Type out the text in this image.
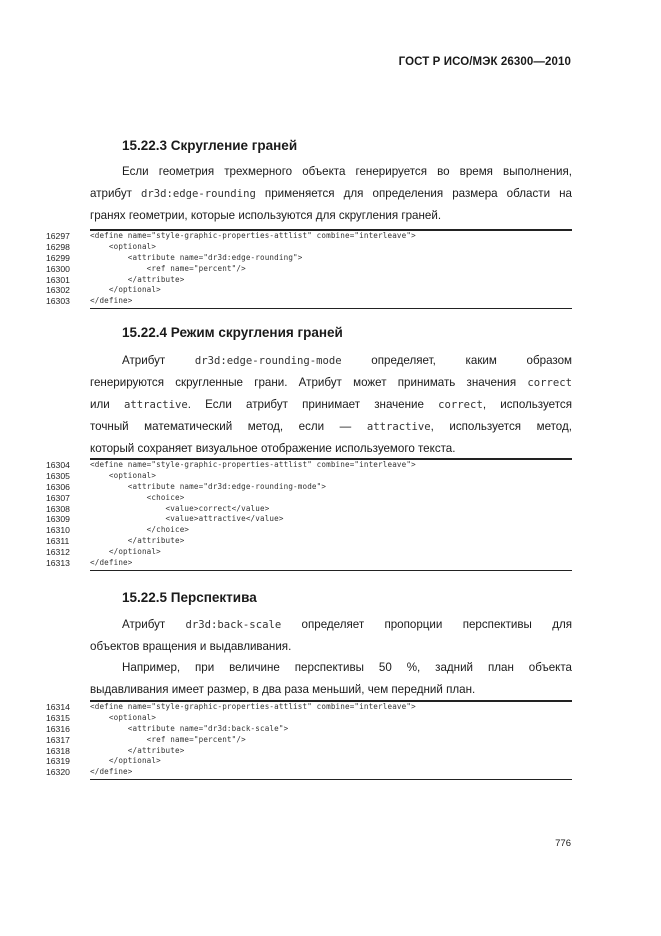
ГОСТ Р ИСО/МЭК 26300—2010
15.22.3 Скругление граней

Если геометрия трехмерного объекта генерируется во время выполнения,

атрибут dr3d:edge-rounding применяется для определения размера области на

гранях геометрии, которые используются для скругления граней.

16297	<define name="style-graphic-properties-attlist" combine="interleave">
16298	<optional>
16299	<attribute name="dr3d:edge-rounding">
16300	<ref name="percent"/>
16301	</attribute>
16302	</optional>
16303	</define>
15.22.4 Режим скругления граней

Атрибут dr3d:edge-rounding-mode определяет, каким образом

генерируются скругленные грани. Атрибут может принимать значения correct

или attractive. Если атрибут принимает значение correct, используется

точный математический метод, если — attractive, используется метод,

который сохраняет визуальное отображение используемого текста.

16304	<define name="style-graphic-properties-attlist" combine="interleave">
16305	<optional>
16306	<attribute name="dr3d:edge-rounding-mode">
16307	<choice>
16308	<value>correct</value>
16309	<value>attractive</value>
16310	</choice>
16311	</attribute>
16312	</optional>
16313	</define>
15.22.5 Перспектива

Атрибут dr3d:back-scale определяет пропорции перспективы для

объектов вращения и выдавливания.

Например, при величине перспективы 50 %, задний план объекта

выдавливания имеет размер, в два раза меньший, чем передний план.

16314	<define name="style-graphic-properties-attlist" combine="interleave">
16315	<optional>
16316	<attribute name="dr3d:back-scale">
16317	<ref name="percent"/>
16318	</attribute>
16319	</optional>
16320	</define>
776
